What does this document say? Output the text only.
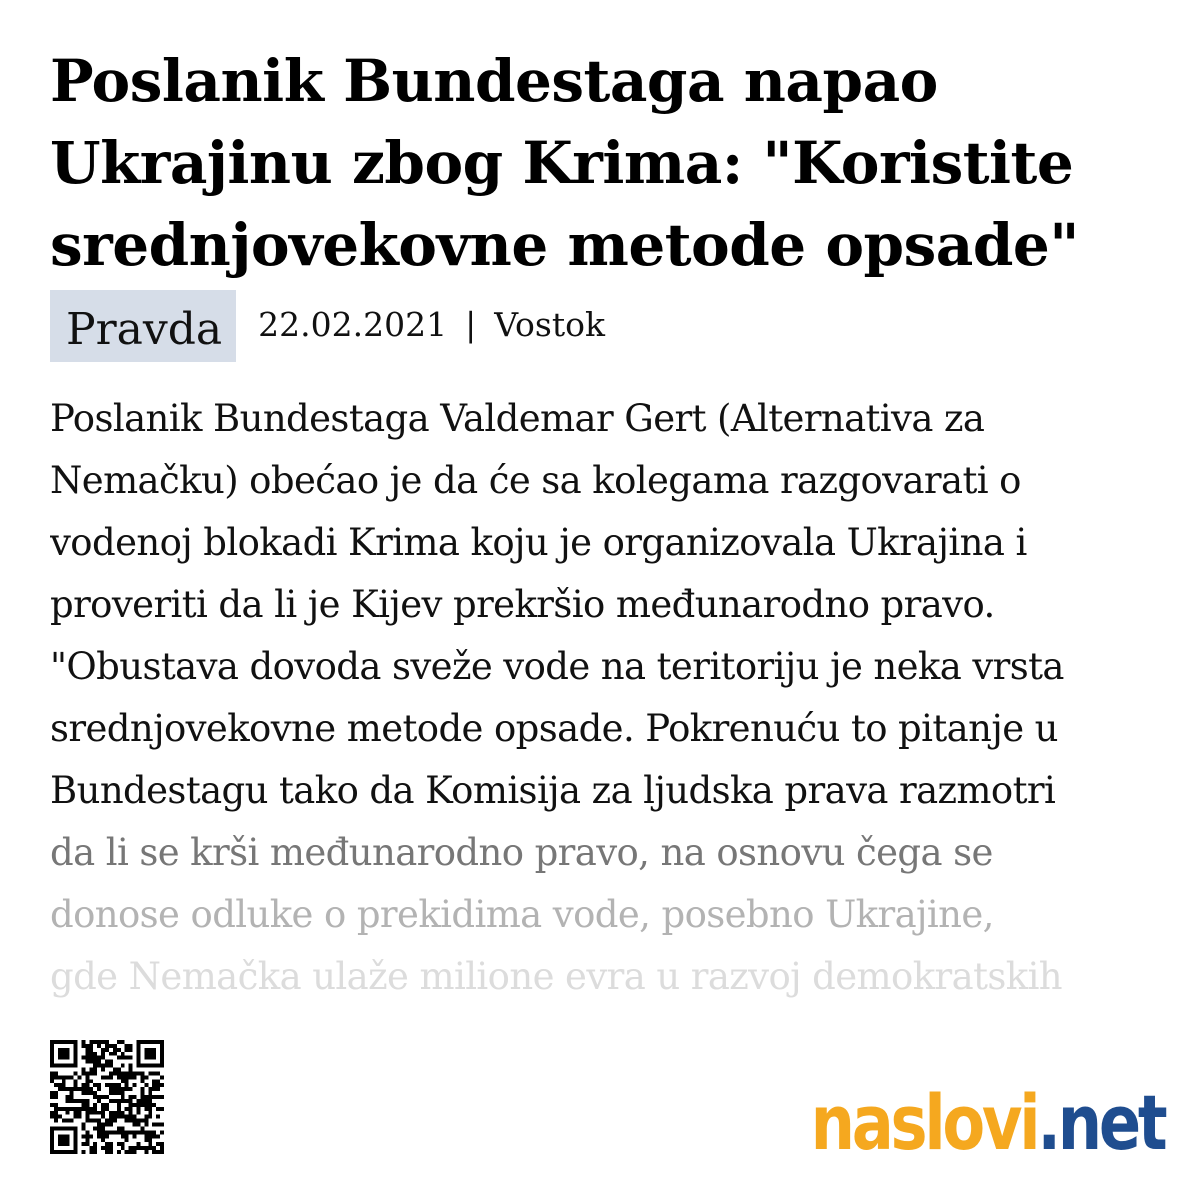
Poslanik Bundestaga napao Ukrajinu zbog Krima: "Koristite srednjovekovne metode opsade"
Pravda	22.02.2021 | Vostok

Poslanik Bundestaga Valdemar Gert (Alternativa za

Nemačku) obećao je da će sa kolegama razgovarati o

vodenoj blokadi Krima koju je organizovala Ukrajina i

proveriti da li je Kijev prekršio međunarodno pravo.

"Obustava dovoda sveže vode na teritoriju je neka vrsta

srednjovekovne metode opsade. Pokrenuću to pitanje u

Bundestagu tako da Komisija za ljudska prava razmotri

da li se krši međunarodno pravo, na osnovu čega se

donose odluke o prekidima vode, posebno Ukrajine,

gde Nemačka ulaže milione evra u razvoj demokratskih

naslovi.net
